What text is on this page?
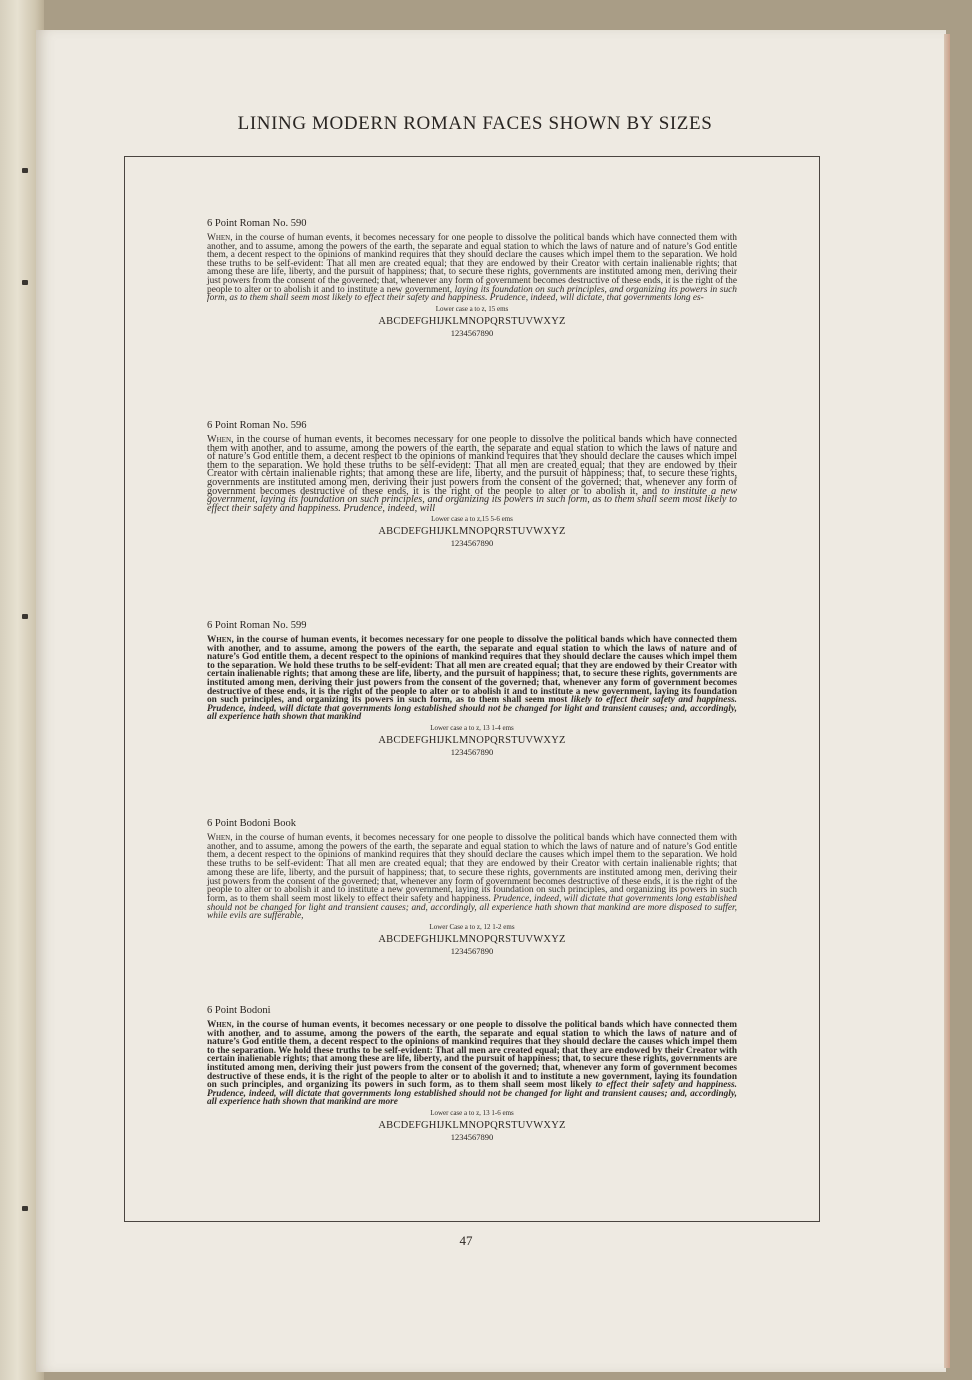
LINING MODERN ROMAN FACES SHOWN BY SIZES
6 Point Roman No. 590

When, in the course of human events, it becomes necessary for one people to dissolve the political bands which have connected them with another, and to assume, among the powers of the earth, the separate and equal station to which the laws of nature and of nature’s God entitle them, a decent respect to the opinions of mankind requires that they should declare the causes which impel them to the separation. We hold these truths to be self-evident: That all men are created equal; that they are endowed by their Creator with certain inalienable rights; that among these are life, liberty, and the pursuit of happiness; that, to secure these rights, governments are instituted among men, deriving their just powers from the consent of the governed; that, whenever any form of government becomes destructive of these ends, it is the right of the people to alter or to abolish it and to institute a new government, laying its foundation on such principles, and organizing its powers in such form, as to them shall seem most likely to effect their safety and happiness. Prudence, indeed, will dictate, that governments long es-

Lower case a to z, 15 ems
ABCDEFGHIJKLMNOPQRSTUVWXYZ
1234567890
6 Point Roman No. 596

When, in the course of human events, it becomes necessary for one people to dissolve the political bands which have connected them with another, and to assume, among the powers of the earth, the separate and equal station to which the laws of nature and of nature’s God entitle them, a decent respect to the opinions of mankind requires that they should declare the causes which impel them to the separation. We hold these truths to be self-evident: That all men are created equal; that they are endowed by their Creator with certain inalienable rights; that among these are life, liberty, and the pursuit of happiness; that, to secure these rights, governments are instituted among men, deriving their just powers from the consent of the governed; that, whenever any form of government becomes destructive of these ends, it is the right of the people to alter or to abolish it, and to institute a new government, laying its foundation on such principles, and organizing its powers in such form, as to them shall seem most likely to effect their safety and happiness. Prudence, indeed, will

Lower case a to z,15 5-6 ems
ABCDEFGHIJKLMNOPQRSTUVWXYZ
1234567890
6 Point Roman No. 599

When, in the course of human events, it becomes necessary for one people to dissolve the political bands which have connected them with another, and to assume, among the powers of the earth, the separate and equal station to which the laws of nature and of nature’s God entitle them, a decent respect to the opinions of mankind requires that they should declare the causes which impel them to the separation. We hold these truths to be self-evident: That all men are created equal; that they are endowed by their Creator with certain inalienable rights; that among these are life, liberty, and the pursuit of happiness; that, to secure these rights, governments are instituted among men, deriving their just powers from the consent of the governed; that, whenever any form of government becomes destructive of these ends, it is the right of the people to alter or to abolish it and to institute a new government, laying its foundation on such principles, and organizing its powers in such form, as to them shall seem most likely to effect their safety and happiness. Prudence, indeed, will dictate that governments long established should not be changed for light and transient causes; and, accordingly, all experience hath shown that mankind

Lower case a to z, 13 1-4 ems
ABCDEFGHIJKLMNOPQRSTUVWXYZ
1234567890
6 Point Bodoni Book

When, in the course of human events, it becomes necessary for one people to dissolve the political bands which have connected them with another, and to assume, among the powers of the earth, the separate and equal station to which the laws of nature and of nature’s God entitle them, a decent respect to the opinions of mankind requires that they should declare the causes which impel them to the separation. We hold these truths to be self-evident: That all men are created equal; that they are endowed by their Creator with certain inalienable rights; that among these are life, liberty, and the pursuit of happiness; that, to secure these rights, governments are instituted among men, deriving their just powers from the consent of the governed; that, whenever any form of government becomes destructive of these ends, it is the right of the people to alter or to abolish it and to institute a new government, laying its foundation on such principles, and organizing its powers in such form, as to them shall seem most likely to effect their safety and happiness. Prudence, indeed, will dictate that governments long established should not be changed for light and transient causes; and, accordingly, all experience hath shown that mankind are more disposed to suffer, while evils are sufferable,

Lower Case a to z, 12 1-2 ems
ABCDEFGHIJKLMNOPQRSTUVWXYZ
1234567890
6 Point Bodoni

When, in the course of human events, it becomes necessary or one people to dissolve the political bands which have connected them with another, and to assume, among the powers of the earth, the separate and equal station to which the laws of nature and of nature’s God entitle them, a decent respect to the opinions of mankind requires that they should declare the causes which impel them to the separation. We hold these truths to be self-evident: That all men are created equal; that they are endowed by their Creator with certain inalienable rights; that among these are life, liberty, and the pursuit of happiness; that, to secure these rights, governments are instituted among men, deriving their just powers from the consent of the governed; that, whenever any form of government becomes destructive of these ends, it is the right of the people to alter or to abolish it and to institute a new government, laying its foundation on such principles, and organizing its powers in such form, as to them shall seem most likely to effect their safety and happiness. Prudence, indeed, will dictate that governments long established should not be changed for light and transient causes; and, accordingly, all experience hath shown that mankind are more

Lower case a to z, 13 1-6 ems
ABCDEFGHIJKLMNOPQRSTUVWXYZ
1234567890
47
